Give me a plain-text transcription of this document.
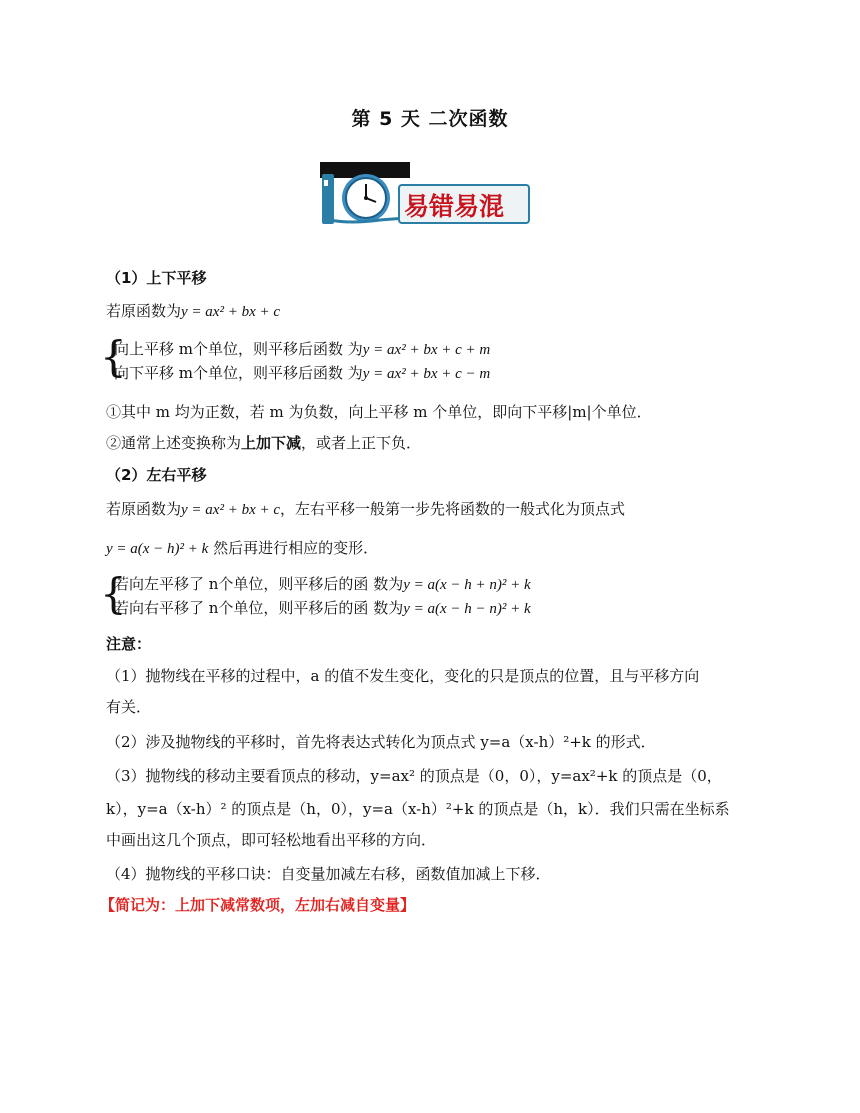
第 5 天 二次函数
易错易混
（1）上下平移
若原函数为y = ax² + bx + c
{
向上平移 m个单位，则平移后函数 为y = ax² + bx + c + m
向下平移 m个单位，则平移后函数 为y = ax² + bx + c − m
①其中 m 均为正数，若 m 为负数，向上平移 m 个单位，即向下平移|m|个单位．
②通常上述变换称为上加下减，或者上正下负．
（2）左右平移
若原函数为y = ax² + bx + c，左右平移一般第一步先将函数的一般式化为顶点式
y = a(x − h)² + k 然后再进行相应的变形．
{
若向左平移了 n个单位，则平移后的函 数为y = a(x − h + n)² + k
若向右平移了 n个单位，则平移后的函 数为y = a(x − h − n)² + k
注意：
（1）抛物线在平移的过程中，a 的值不发生变化，变化的只是顶点的位置，且与平移方向
有关．
（2）涉及抛物线的平移时，首先将表达式转化为顶点式 y=a（x-h）²+k 的形式．
（3）抛物线的移动主要看顶点的移动，y=ax² 的顶点是（0，0），y=ax²+k 的顶点是（0，
k），y=a（x-h）² 的顶点是（h，0），y=a（x-h）²+k 的顶点是（h，k）．我们只需在坐标系
中画出这几个顶点，即可轻松地看出平移的方向．
（4）抛物线的平移口诀：自变量加减左右移，函数值加减上下移．
【简记为：上加下减常数项，左加右减自变量】
